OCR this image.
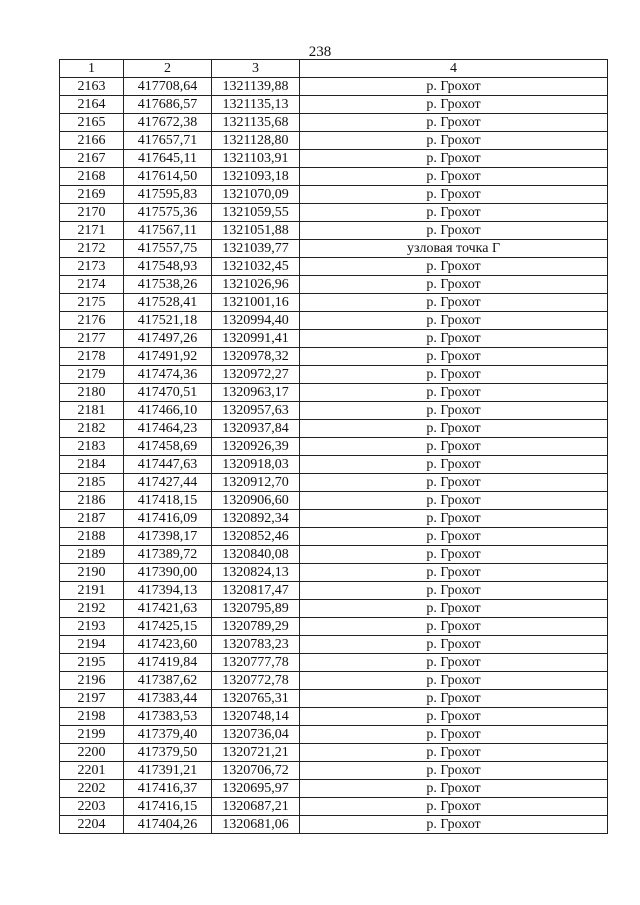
238
1	2	3	4
2163	417708,64	1321139,88	р. Грохот
2164	417686,57	1321135,13	р. Грохот
2165	417672,38	1321135,68	р. Грохот
2166	417657,71	1321128,80	р. Грохот
2167	417645,11	1321103,91	р. Грохот
2168	417614,50	1321093,18	р. Грохот
2169	417595,83	1321070,09	р. Грохот
2170	417575,36	1321059,55	р. Грохот
2171	417567,11	1321051,88	р. Грохот
2172	417557,75	1321039,77	узловая точка Г
2173	417548,93	1321032,45	р. Грохот
2174	417538,26	1321026,96	р. Грохот
2175	417528,41	1321001,16	р. Грохот
2176	417521,18	1320994,40	р. Грохот
2177	417497,26	1320991,41	р. Грохот
2178	417491,92	1320978,32	р. Грохот
2179	417474,36	1320972,27	р. Грохот
2180	417470,51	1320963,17	р. Грохот
2181	417466,10	1320957,63	р. Грохот
2182	417464,23	1320937,84	р. Грохот
2183	417458,69	1320926,39	р. Грохот
2184	417447,63	1320918,03	р. Грохот
2185	417427,44	1320912,70	р. Грохот
2186	417418,15	1320906,60	р. Грохот
2187	417416,09	1320892,34	р. Грохот
2188	417398,17	1320852,46	р. Грохот
2189	417389,72	1320840,08	р. Грохот
2190	417390,00	1320824,13	р. Грохот
2191	417394,13	1320817,47	р. Грохот
2192	417421,63	1320795,89	р. Грохот
2193	417425,15	1320789,29	р. Грохот
2194	417423,60	1320783,23	р. Грохот
2195	417419,84	1320777,78	р. Грохот
2196	417387,62	1320772,78	р. Грохот
2197	417383,44	1320765,31	р. Грохот
2198	417383,53	1320748,14	р. Грохот
2199	417379,40	1320736,04	р. Грохот
2200	417379,50	1320721,21	р. Грохот
2201	417391,21	1320706,72	р. Грохот
2202	417416,37	1320695,97	р. Грохот
2203	417416,15	1320687,21	р. Грохот
2204	417404,26	1320681,06	р. Грохот
